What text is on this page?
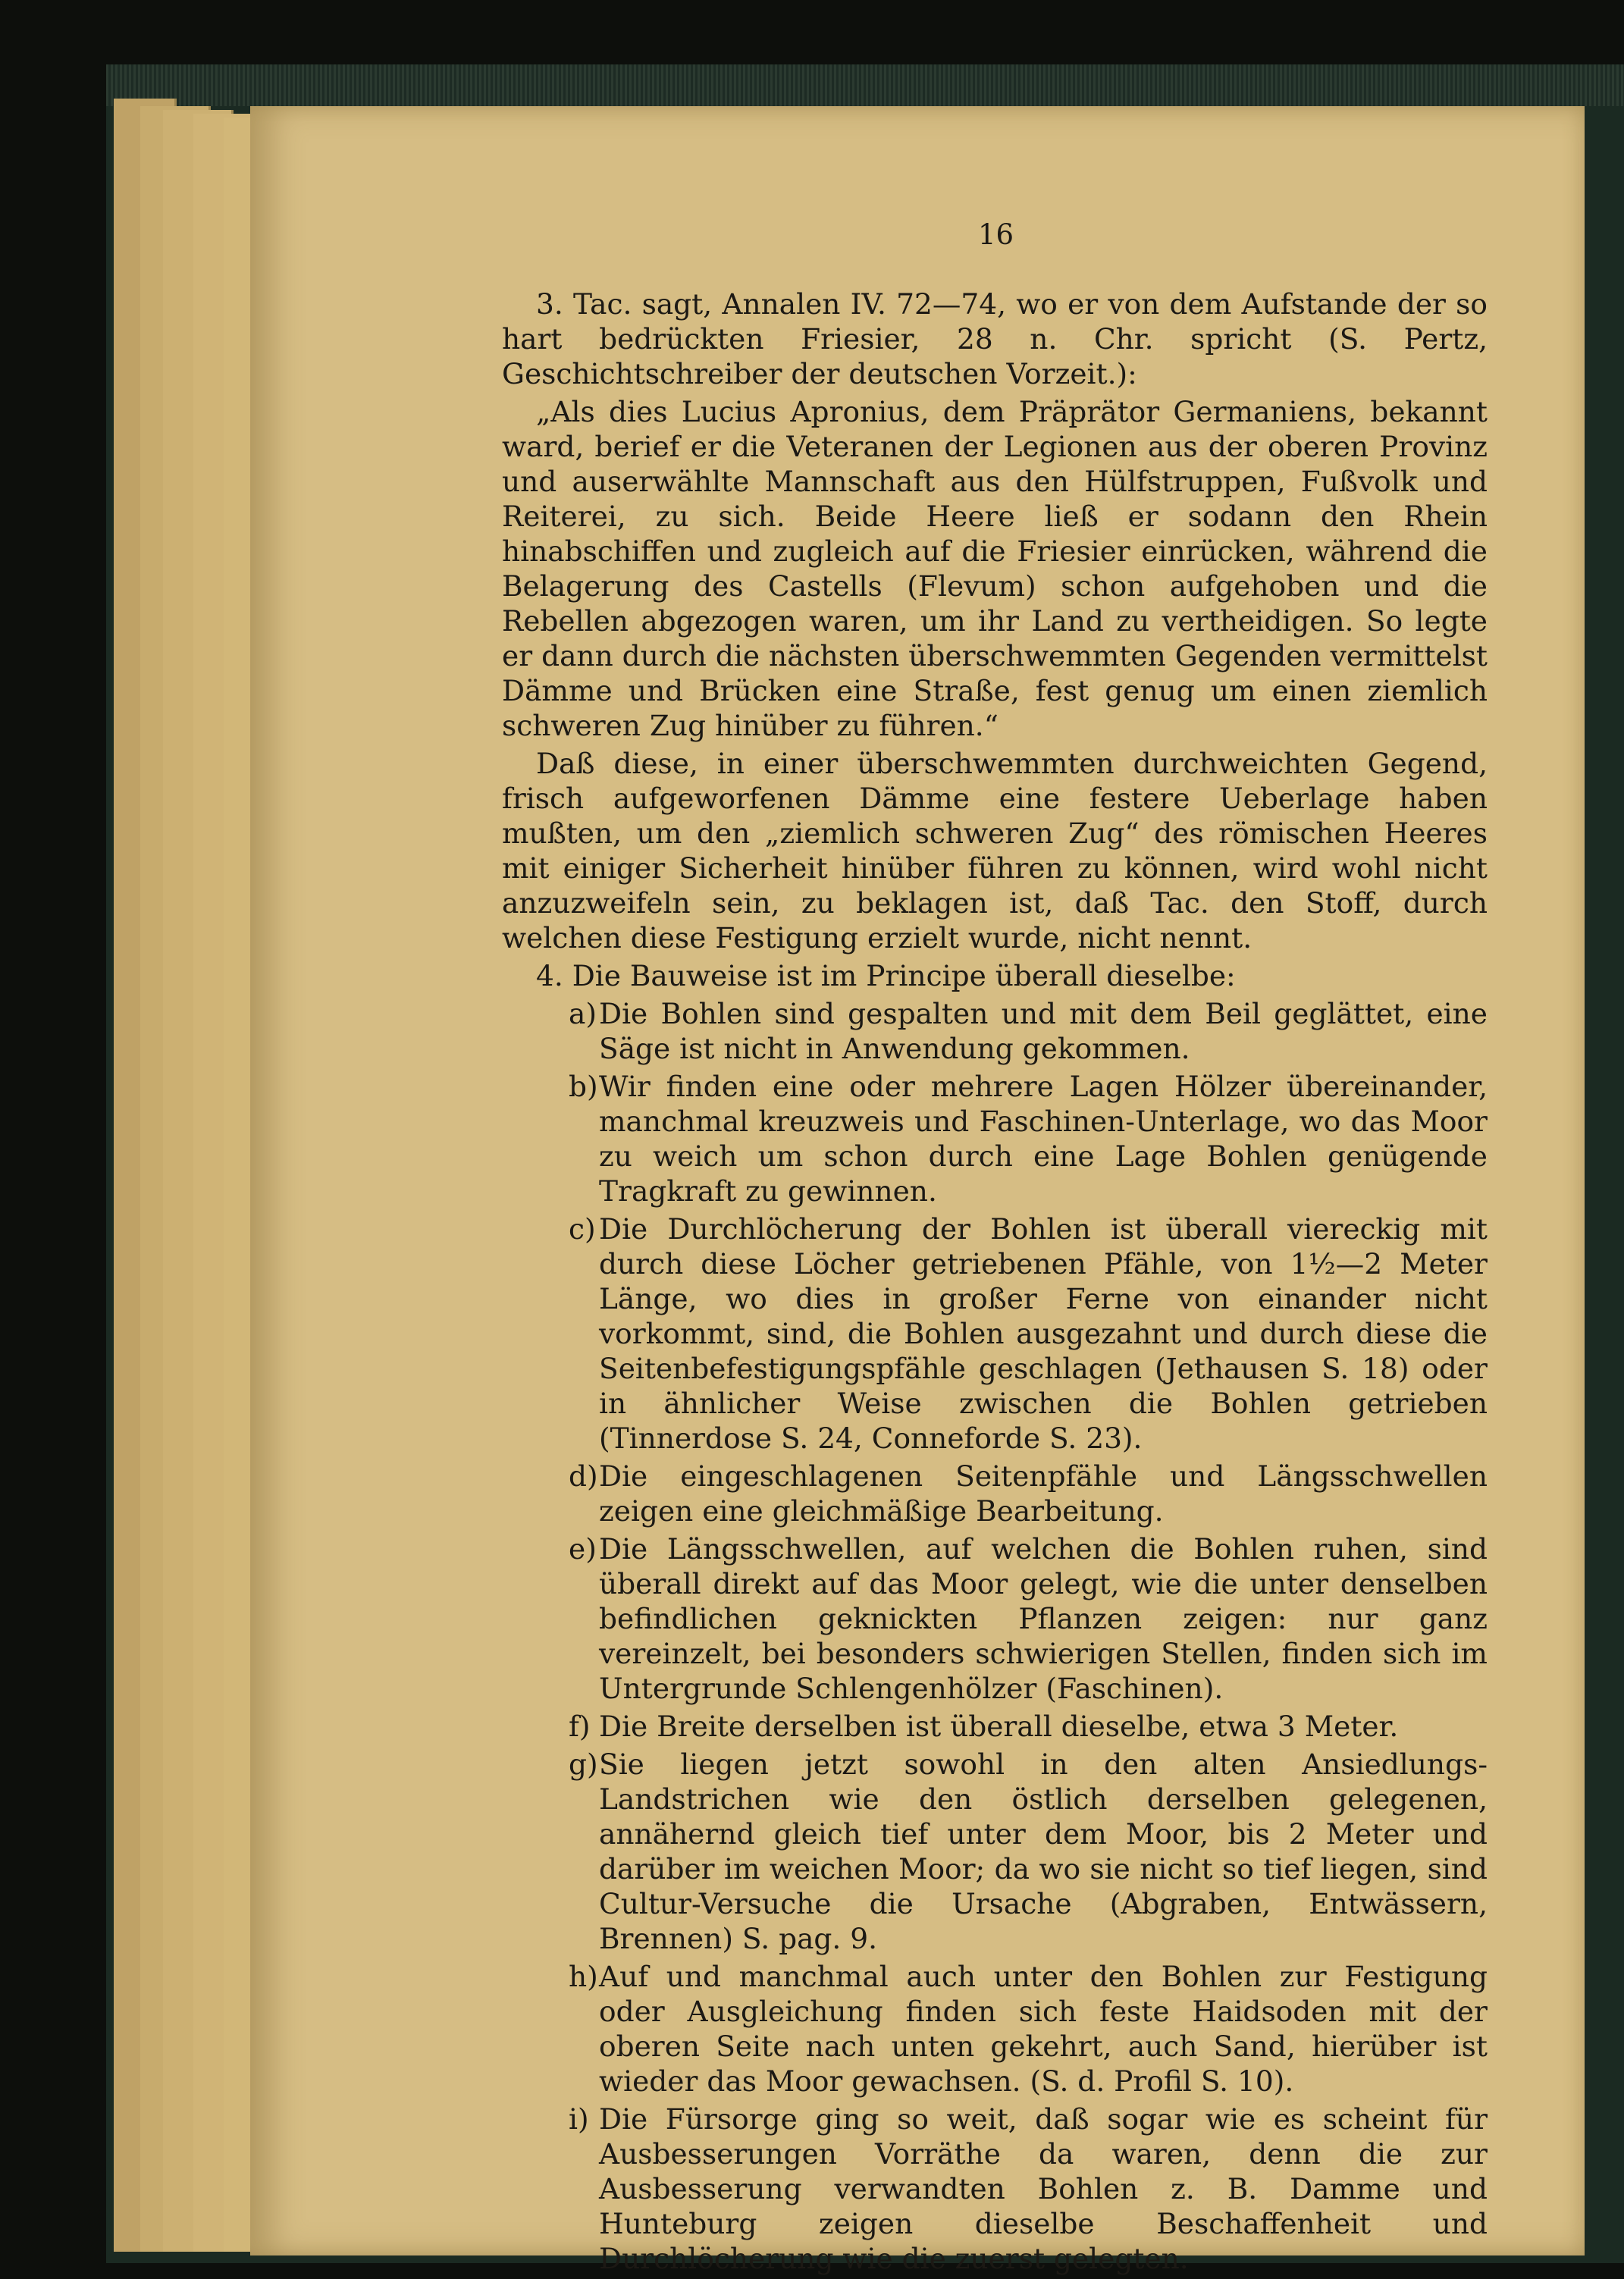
16

3. Tac. sagt, Annalen IV. 72—74, wo er von dem Aufstande der so hart bedrückten Friesier, 28 n. Chr. spricht (S. Pertz, Geschichtschreiber der deutschen Vorzeit.):

„Als dies Lucius Apronius, dem Präprätor Germaniens, bekannt ward, berief er die Veteranen der Legionen aus der oberen Provinz und auserwählte Mannschaft aus den Hülfstruppen, Fußvolk und Reiterei, zu sich. Beide Heere ließ er sodann den Rhein hinabschiffen und zugleich auf die Friesier einrücken, während die Belagerung des Castells (Flevum) schon aufgehoben und die Rebellen abgezogen waren, um ihr Land zu vertheidigen. So legte er dann durch die nächsten überschwemmten Gegenden vermittelst Dämme und Brücken eine Straße, fest genug um einen ziemlich schweren Zug hinüber zu führen.“

Daß diese, in einer überschwemmten durchweichten Gegend, frisch aufgeworfenen Dämme eine festere Ueberlage haben mußten, um den „ziemlich schweren Zug“ des römischen Heeres mit einiger Sicherheit hinüber führen zu können, wird wohl nicht anzuzweifeln sein, zu beklagen ist, daß Tac. den Stoff, durch welchen diese Festigung erzielt wurde, nicht nennt.

4. Die Bauweise ist im Principe überall dieselbe:

a) Die Bohlen sind gespalten und mit dem Beil geglättet, eine Säge ist nicht in Anwendung gekommen.
b) Wir finden eine oder mehrere Lagen Hölzer übereinander, manchmal kreuzweis und Faschinen-Unterlage, wo das Moor zu weich um schon durch eine Lage Bohlen genügende Tragkraft zu gewinnen.
c) Die Durchlöcherung der Bohlen ist überall viereckig mit durch diese Löcher getriebenen Pfähle, von 1½—2 Meter Länge, wo dies in großer Ferne von einander nicht vorkommt, sind, die Bohlen ausgezahnt und durch diese die Seitenbefestigungspfähle geschlagen (Jethausen S. 18) oder in ähnlicher Weise zwischen die Bohlen getrieben (Tinnerdose S. 24, Conneforde S. 23).
d) Die eingeschlagenen Seitenpfähle und Längsschwellen zeigen eine gleichmäßige Bearbeitung.
e) Die Längsschwellen, auf welchen die Bohlen ruhen, sind überall direkt auf das Moor gelegt, wie die unter denselben befindlichen geknickten Pflanzen zeigen: nur ganz vereinzelt, bei besonders schwierigen Stellen, finden sich im Untergrunde Schlengenhölzer (Faschinen).
f) Die Breite derselben ist überall dieselbe, etwa 3 Meter.
g) Sie liegen jetzt sowohl in den alten Ansiedlungs-Landstrichen wie den östlich derselben gelegenen, annähernd gleich tief unter dem Moor, bis 2 Meter und darüber im weichen Moor; da wo sie nicht so tief liegen, sind Cultur-Versuche die Ursache (Abgraben, Entwässern, Brennen) S. pag. 9.
h) Auf und manchmal auch unter den Bohlen zur Festigung oder Ausgleichung finden sich feste Haidsoden mit der oberen Seite nach unten gekehrt, auch Sand, hierüber ist wieder das Moor gewachsen. (S. d. Profil S. 10).
i) Die Fürsorge ging so weit, daß sogar wie es scheint für Ausbesserungen Vorräthe da waren, denn die zur Ausbesserung verwandten Bohlen z. B. Damme und Hunteburg zeigen dieselbe Beschaffenheit und Durchlöcherung wie die zuerst gelegten.
